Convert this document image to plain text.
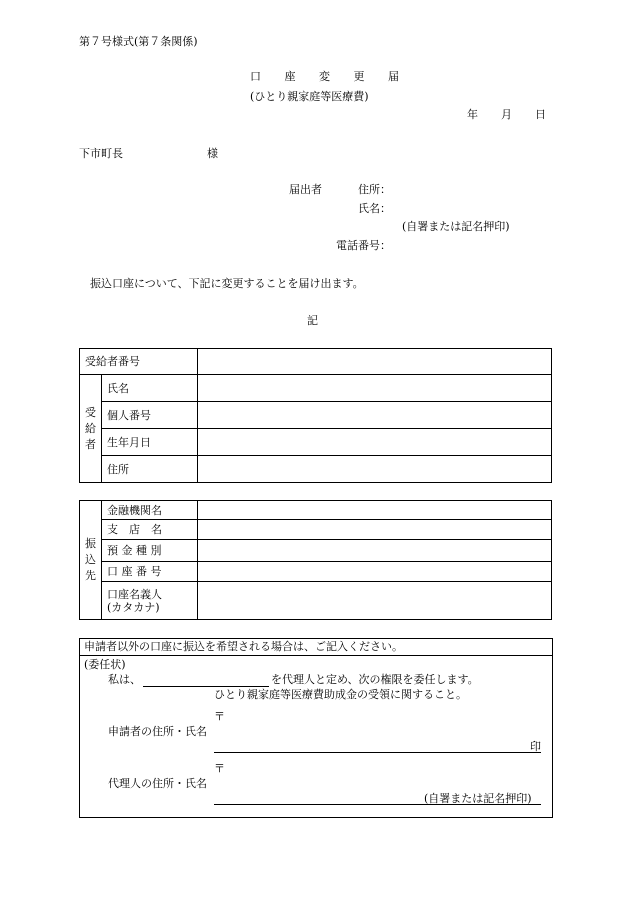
第７号様式(第７条関係)
口 座 変 更 届
(ひとり親家庭等医療費)
年 月 日
下市町長	様
届出者	住所：
氏名：
(自署または記名押印)
電話番号：
振込口座について、下記に変更することを届け出ます。
記
受給者番号		

受
給
者	氏名	
	個人番号	
	生年月日	
	住所	
振
込
先	金融機関名	
	支　店　名	
	預 金 種 別	
	口 座 番 号	

	口座名義人
(カタカナ)	

申請者以外の口座に振込を希望される場合は、ご記入ください。
(委任状)
私は、	を代理人と定め、次の権限を委任します。
ひとり親家庭等医療費助成金の受領に関すること。
〒
申請者の住所・氏名
印
〒
代理人の住所・氏名
(自署または記名押印)
